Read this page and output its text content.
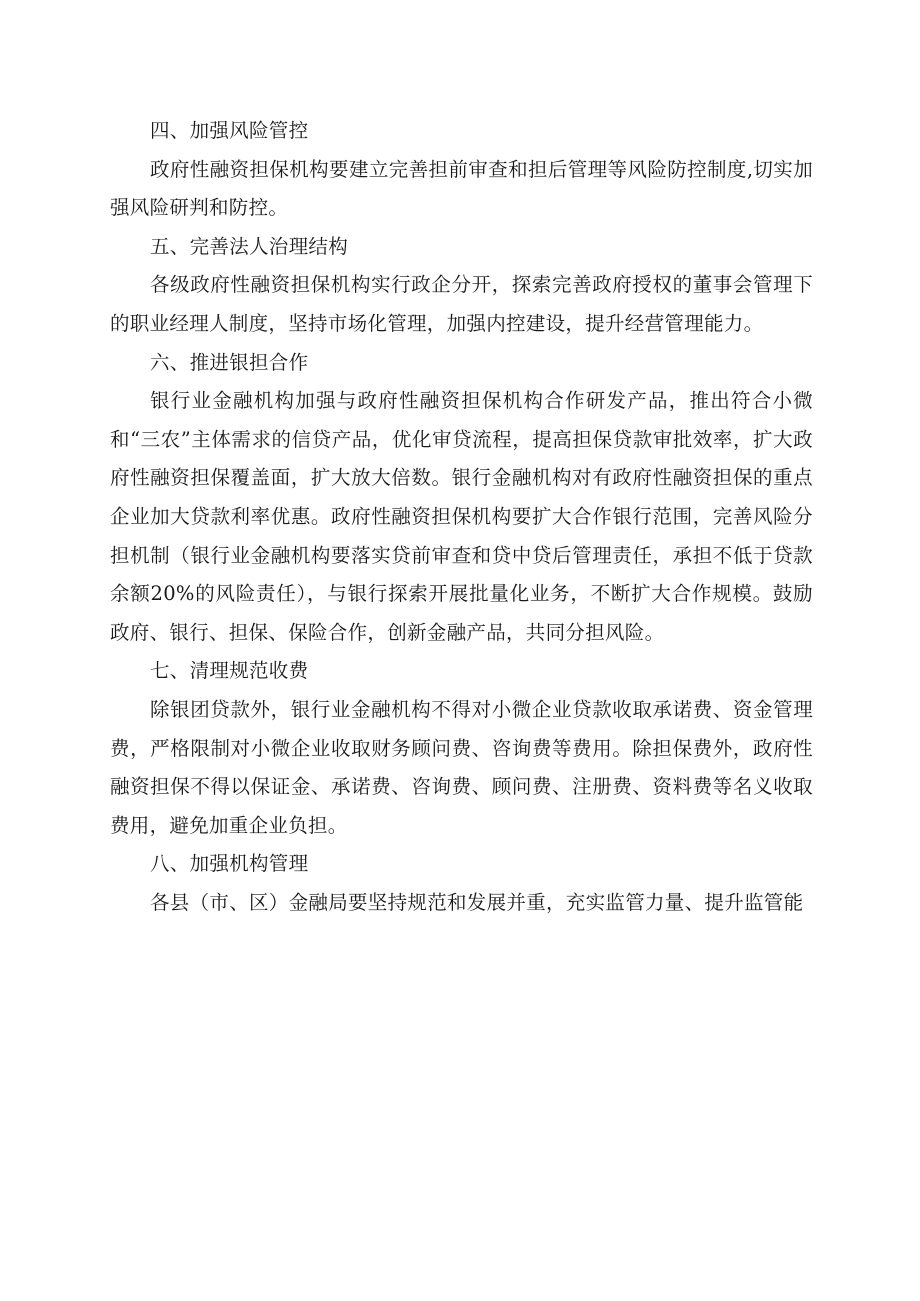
四、加强风险管控

政府性融资担保机构要建立完善担前审查和担后管理等风险防控制度,切实加强风险研判和防控。

五、完善法人治理结构

各级政府性融资担保机构实行政企分开，探索完善政府授权的董事会管理下的职业经理人制度，坚持市场化管理，加强内控建设，提升经营管理能力。

六、推进银担合作

银行业金融机构加强与政府性融资担保机构合作研发产品，推出符合小微和“三农”主体需求的信贷产品，优化审贷流程，提高担保贷款审批效率，扩大政府性融资担保覆盖面，扩大放大倍数。银行金融机构对有政府性融资担保的重点企业加大贷款利率优惠。政府性融资担保机构要扩大合作银行范围，完善风险分担机制（银行业金融机构要落实贷前审查和贷中贷后管理责任，承担不低于贷款余额20%的风险责任），与银行探索开展批量化业务，不断扩大合作规模。鼓励政府、银行、担保、保险合作，创新金融产品，共同分担风险。

七、清理规范收费

除银团贷款外，银行业金融机构不得对小微企业贷款收取承诺费、资金管理费，严格限制对小微企业收取财务顾问费、咨询费等费用。除担保费外，政府性融资担保不得以保证金、承诺费、咨询费、顾问费、注册费、资料费等名义收取费用，避免加重企业负担。

八、加强机构管理

各县（市、区）金融局要坚持规范和发展并重，充实监管力量、提升监管能
